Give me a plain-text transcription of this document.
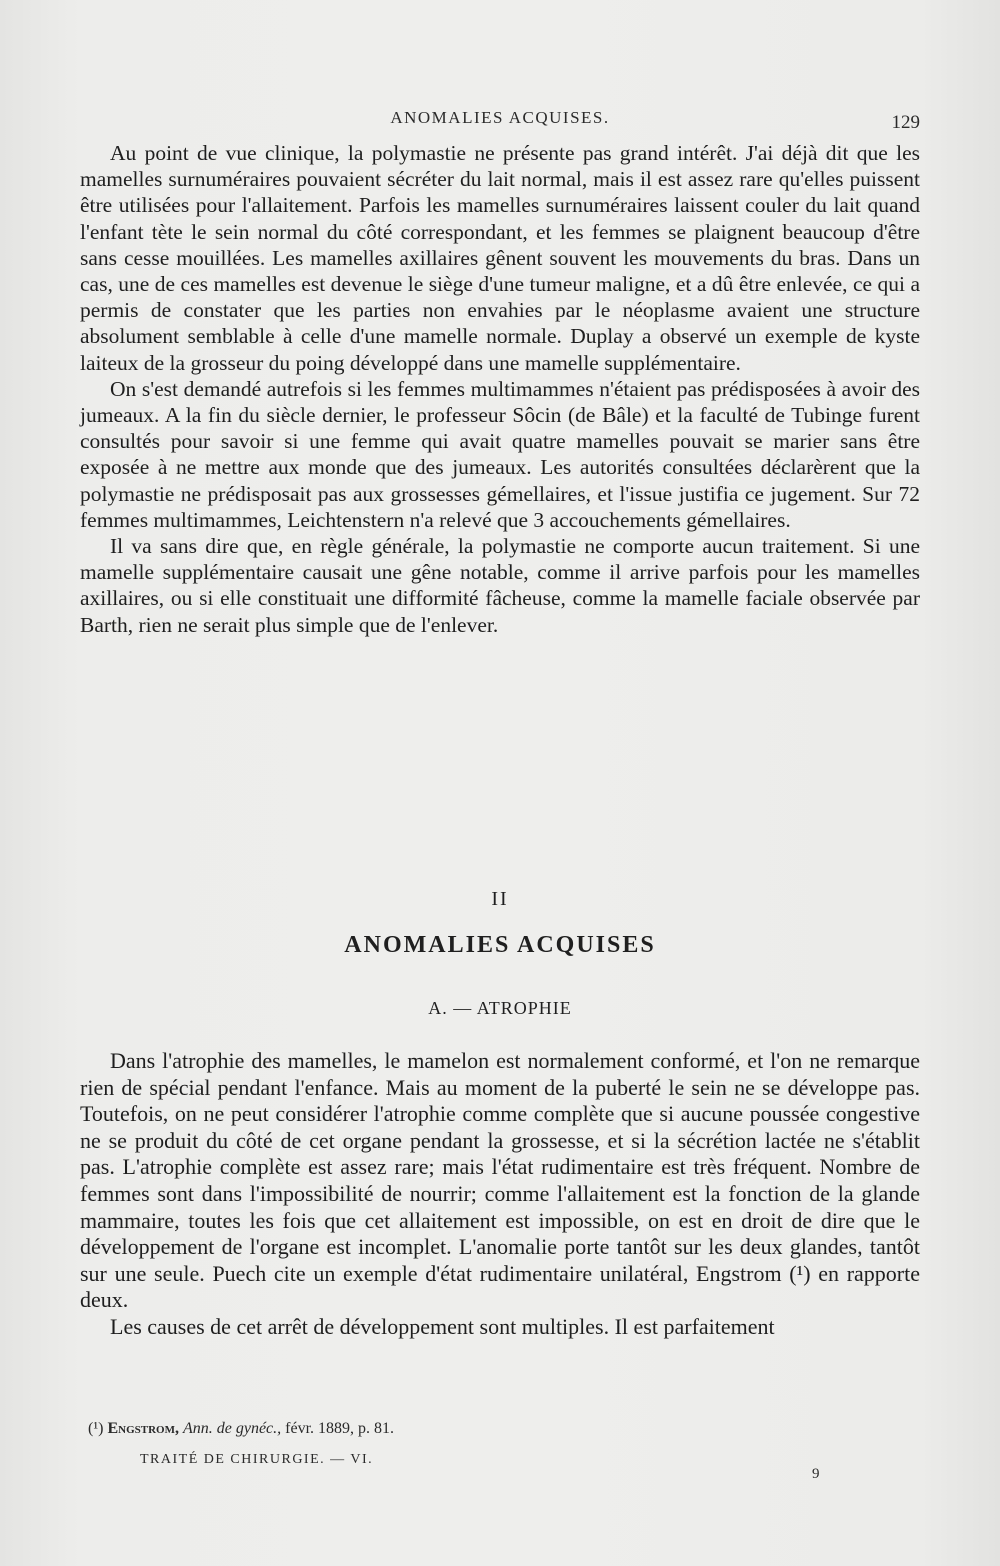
ANOMALIES ACQUISES.	129

Au point de vue clinique, la polymastie ne présente pas grand intérêt. J'ai déjà dit que les mamelles surnuméraires pouvaient sécréter du lait normal, mais il est assez rare qu'elles puissent être utilisées pour l'allaitement. Parfois les mamelles surnuméraires laissent couler du lait quand l'enfant tète le sein normal du côté correspondant, et les femmes se plaignent beaucoup d'être sans cesse mouillées. Les mamelles axillaires gênent souvent les mouvements du bras. Dans un cas, une de ces mamelles est devenue le siège d'une tumeur maligne, et a dû être enlevée, ce qui a permis de constater que les parties non envahies par le néoplasme avaient une structure absolument semblable à celle d'une mamelle normale. Duplay a observé un exemple de kyste laiteux de la grosseur du poing développé dans une mamelle supplémentaire.

On s'est demandé autrefois si les femmes multimammes n'étaient pas prédisposées à avoir des jumeaux. A la fin du siècle dernier, le professeur Sôcin (de Bâle) et la faculté de Tubinge furent consultés pour savoir si une femme qui avait quatre mamelles pouvait se marier sans être exposée à ne mettre aux monde que des jumeaux. Les autorités consultées déclarèrent que la polymastie ne prédisposait pas aux grossesses gémellaires, et l'issue justifia ce jugement. Sur 72 femmes multimammes, Leichtenstern n'a relevé que 3 accouchements gémellaires.

Il va sans dire que, en règle générale, la polymastie ne comporte aucun traitement. Si une mamelle supplémentaire causait une gêne notable, comme il arrive parfois pour les mamelles axillaires, ou si elle constituait une difformité fâcheuse, comme la mamelle faciale observée par Barth, rien ne serait plus simple que de l'enlever.

II
ANOMALIES ACQUISES
A. — ATROPHIE

Dans l'atrophie des mamelles, le mamelon est normalement conformé, et l'on ne remarque rien de spécial pendant l'enfance. Mais au moment de la puberté le sein ne se développe pas. Toutefois, on ne peut considérer l'atrophie comme complète que si aucune poussée congestive ne se produit du côté de cet organe pendant la grossesse, et si la sécrétion lactée ne s'établit pas. L'atrophie complète est assez rare; mais l'état rudimentaire est très fréquent. Nombre de femmes sont dans l'impossibilité de nourrir; comme l'allaitement est la fonction de la glande mammaire, toutes les fois que cet allaitement est impossible, on est en droit de dire que le développement de l'organe est incomplet. L'anomalie porte tantôt sur les deux glandes, tantôt sur une seule. Puech cite un exemple d'état rudimentaire unilatéral, Engstrom (¹) en rapporte deux.

Les causes de cet arrêt de développement sont multiples. Il est parfaitement

(¹) Engstrom, Ann. de gynéc., févr. 1889, p. 81.
TRAITÉ DE CHIRURGIE. — VI.
9
